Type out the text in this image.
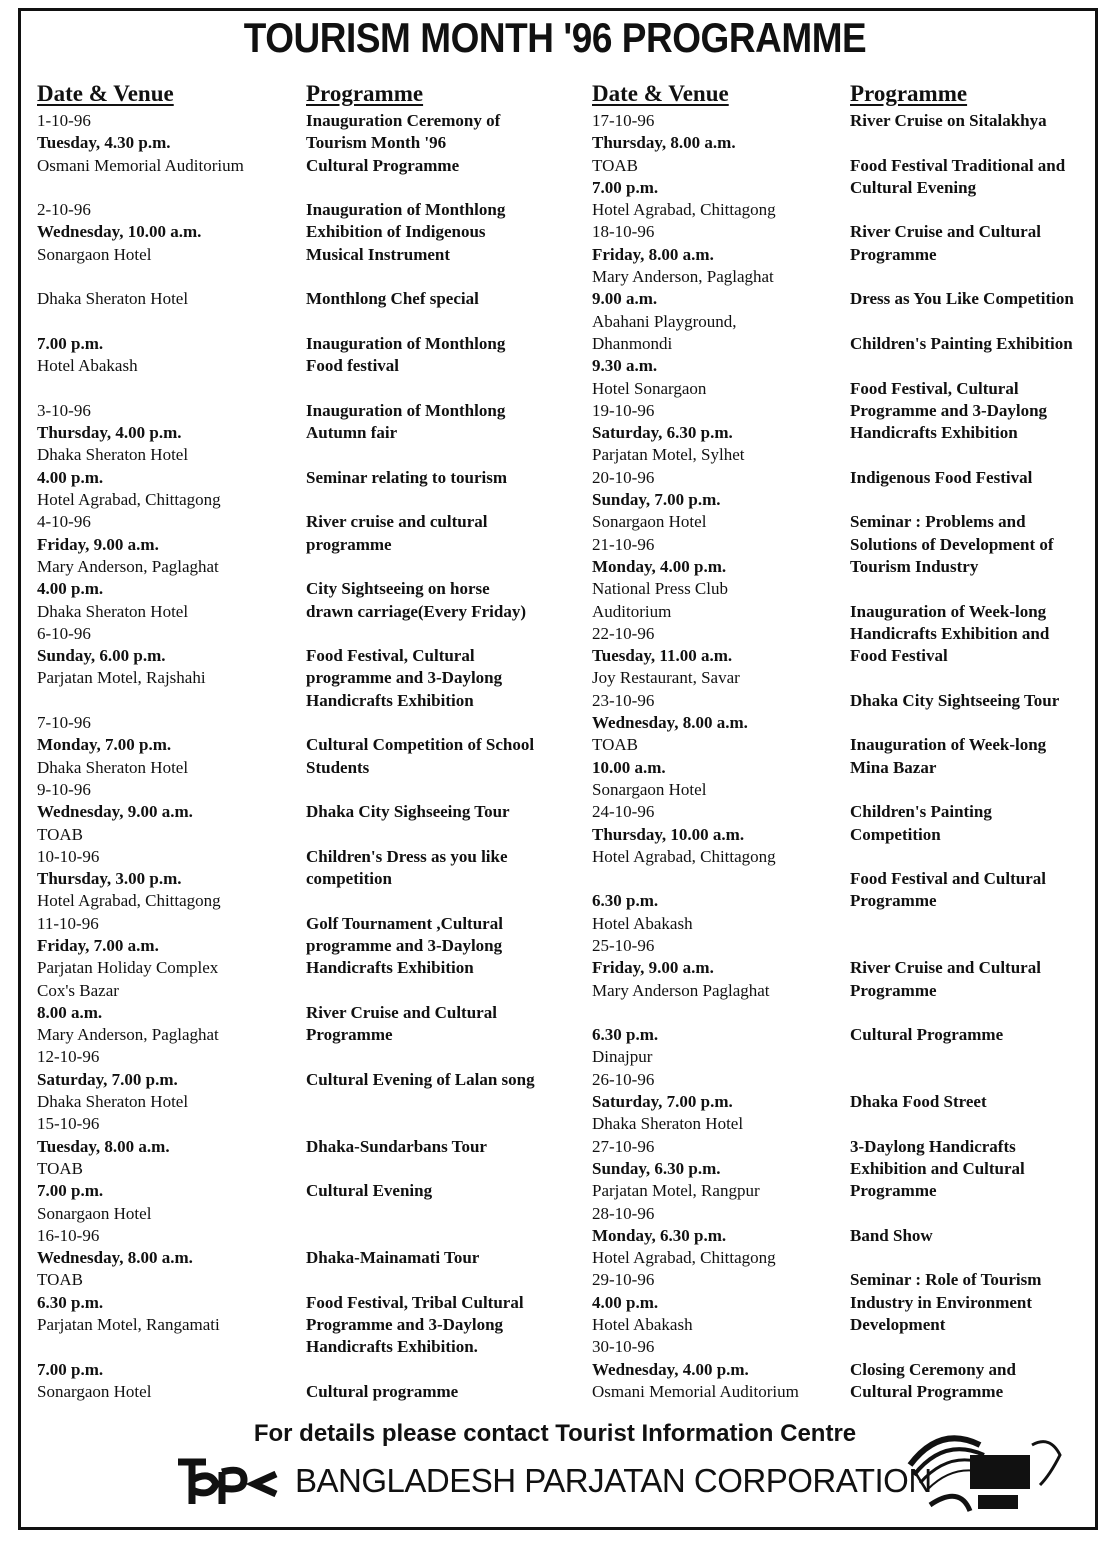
TOURISM MONTH '96 PROGRAMME
Date & Venue
1-10-96
Tuesday, 4.30 p.m.
Osmani Memorial Auditorium

2-10-96
Wednesday, 10.00 a.m.
Sonargaon Hotel

Dhaka Sheraton Hotel

7.00 p.m.
Hotel Abakash

3-10-96
Thursday, 4.00 p.m.
Dhaka Sheraton Hotel
4.00 p.m.
Hotel Agrabad, Chittagong
4-10-96
Friday, 9.00 a.m.
Mary Anderson, Paglaghat
4.00 p.m.
Dhaka Sheraton Hotel
6-10-96
Sunday, 6.00 p.m.
Parjatan Motel, Rajshahi

7-10-96
Monday, 7.00 p.m.
Dhaka Sheraton Hotel
9-10-96
Wednesday, 9.00 a.m.
TOAB
10-10-96
Thursday, 3.00 p.m.
Hotel Agrabad, Chittagong
11-10-96
Friday, 7.00 a.m.
Parjatan Holiday Complex
Cox's Bazar
8.00 a.m.
Mary Anderson, Paglaghat
12-10-96
Saturday, 7.00 p.m.
Dhaka Sheraton Hotel
15-10-96
Tuesday, 8.00 a.m.
TOAB
7.00 p.m.
Sonargaon Hotel
16-10-96
Wednesday, 8.00 a.m.
TOAB
6.30 p.m.
Parjatan Motel, Rangamati

7.00 p.m.
Sonargaon Hotel
Programme
Inauguration Ceremony of
Tourism Month '96
Cultural Programme

Inauguration of Monthlong
Exhibition of Indigenous
Musical Instrument

Monthlong Chef special

Inauguration of Monthlong
Food festival

Inauguration of Monthlong
Autumn fair

Seminar relating to tourism

River cruise and cultural
programme

City Sightseeing on horse
drawn carriage(Every Friday)

Food Festival, Cultural
programme and 3-Daylong
Handicrafts Exhibition

Cultural Competition of School
Students

Dhaka City Sighseeing Tour

Children's Dress as you like
competition

Golf Tournament ,Cultural
programme and 3-Daylong
Handicrafts Exhibition

River Cruise and Cultural
Programme

Cultural Evening of Lalan song

Dhaka-Sundarbans Tour

Cultural Evening

Dhaka-Mainamati Tour

Food Festival, Tribal Cultural
Programme and 3-Daylong
Handicrafts Exhibition.

Cultural programme
Date & Venue
17-10-96
Thursday, 8.00 a.m.
TOAB
7.00 p.m.
Hotel Agrabad, Chittagong
18-10-96
Friday, 8.00 a.m.
Mary Anderson, Paglaghat
9.00 a.m.
Abahani Playground,
Dhanmondi
9.30 a.m.
Hotel Sonargaon
19-10-96
Saturday, 6.30 p.m.
Parjatan Motel, Sylhet
20-10-96
Sunday, 7.00 p.m.
Sonargaon Hotel
21-10-96
Monday, 4.00 p.m.
National Press Club
Auditorium
22-10-96
Tuesday, 11.00 a.m.
Joy Restaurant, Savar
23-10-96
Wednesday, 8.00 a.m.
TOAB
10.00 a.m.
Sonargaon Hotel
24-10-96
Thursday, 10.00 a.m.
Hotel Agrabad, Chittagong

6.30 p.m.
Hotel Abakash
25-10-96
Friday, 9.00 a.m.
Mary Anderson Paglaghat

6.30 p.m.
Dinajpur
26-10-96
Saturday, 7.00 p.m.
Dhaka Sheraton Hotel
27-10-96
Sunday, 6.30 p.m.
Parjatan Motel, Rangpur
28-10-96
Monday, 6.30 p.m.
Hotel Agrabad, Chittagong
29-10-96
4.00 p.m.
Hotel Abakash
30-10-96
Wednesday, 4.00 p.m.
Osmani Memorial Auditorium
Programme
River Cruise on Sitalakhya

Food Festival Traditional and
Cultural Evening

River Cruise and Cultural
Programme

Dress as You Like Competition

Children's Painting Exhibition

Food Festival, Cultural
Programme and 3-Daylong
Handicrafts Exhibition

Indigenous Food Festival

Seminar : Problems and
Solutions of Development of
Tourism Industry

Inauguration of Week-long
Handicrafts Exhibition and
Food Festival

Dhaka City Sightseeing Tour

Inauguration of Week-long
Mina Bazar

Children's Painting
Competition

Food Festival and Cultural
Programme

River Cruise and Cultural
Programme

Cultural Programme

Dhaka Food Street

3-Daylong Handicrafts
Exhibition and Cultural
Programme

Band Show

Seminar : Role of Tourism
Industry in Environment
Development

Closing Ceremony and
Cultural Programme
For details please contact Tourist Information Centre
BANGLADESH PARJATAN CORPORATION
